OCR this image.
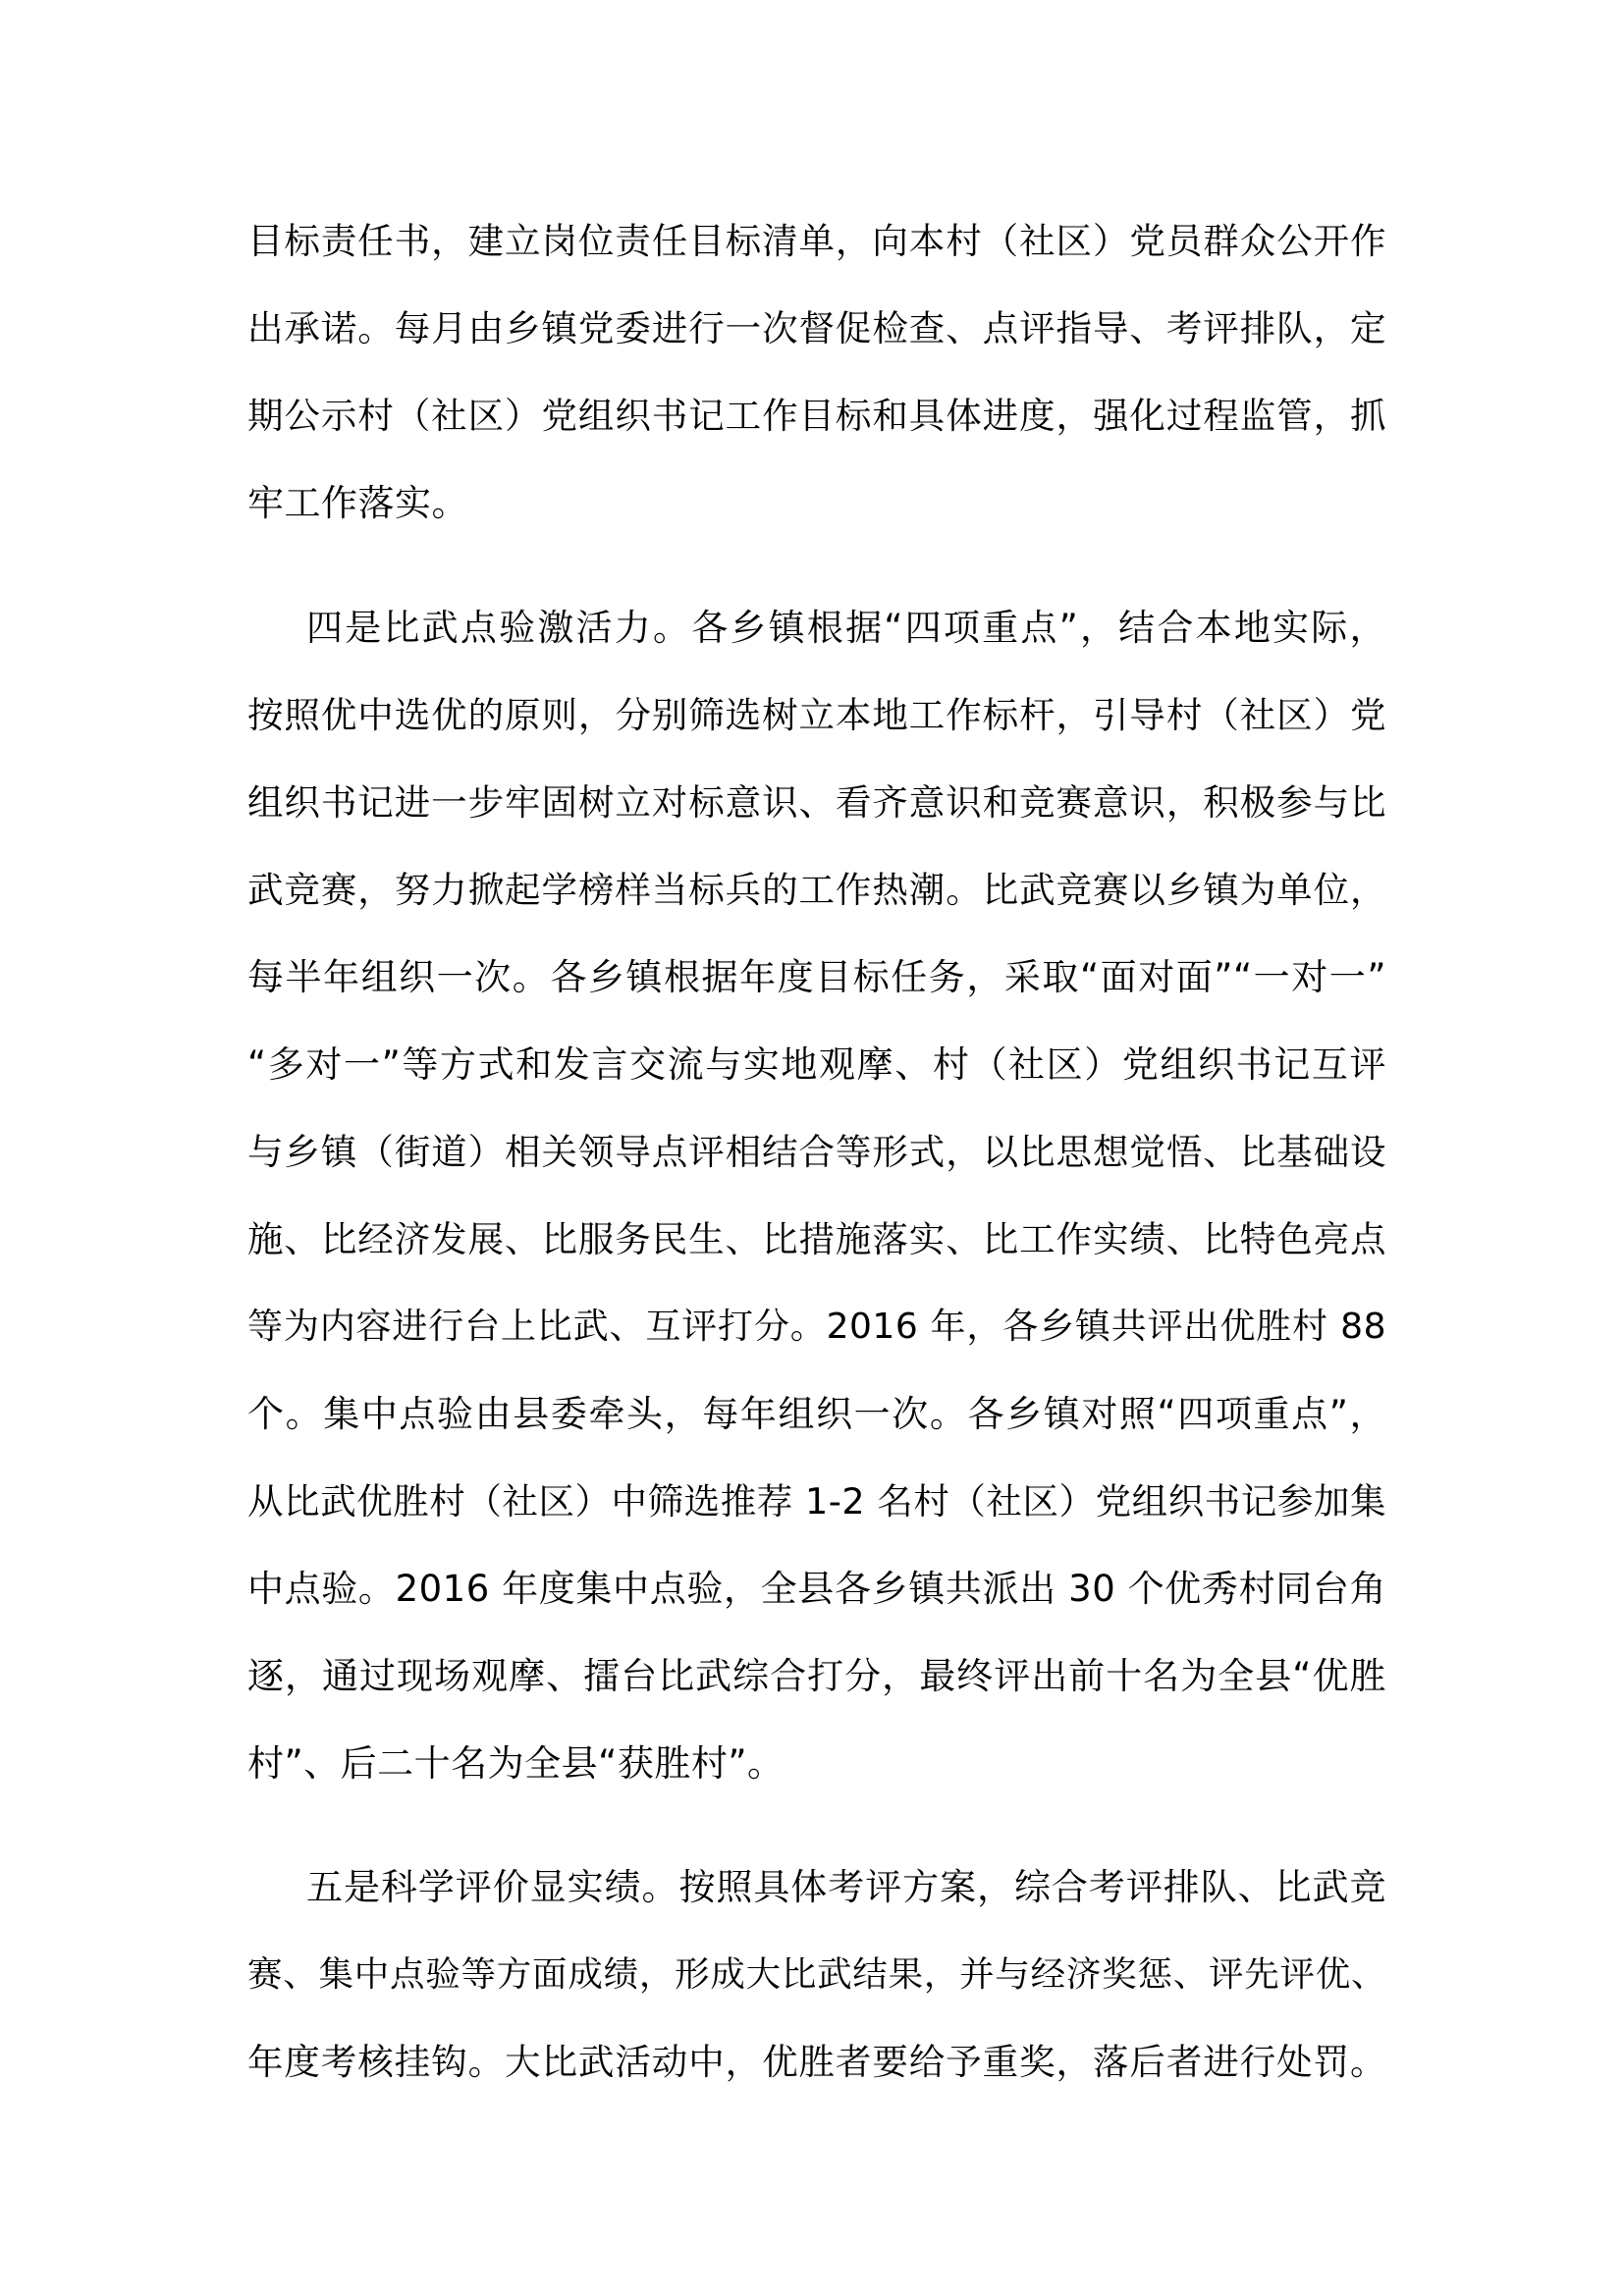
目标责任书，建立岗位责任目标清单，向本村（社区）党员群众公开作
出承诺。每月由乡镇党委进行一次督促检查、点评指导、考评排队，定
期公示村（社区）党组织书记工作目标和具体进度，强化过程监管，抓
牢工作落实。
四是比武点验激活力。各乡镇根据“四项重点”，结合本地实际，
按照优中选优的原则，分别筛选树立本地工作标杆，引导村（社区）党
组织书记进一步牢固树立对标意识、看齐意识和竞赛意识，积极参与比
武竞赛，努力掀起学榜样当标兵的工作热潮。比武竞赛以乡镇为单位，
每半年组织一次。各乡镇根据年度目标任务，采取“面对面”“一对一”
“多对一”等方式和发言交流与实地观摩、村（社区）党组织书记互评
与乡镇（街道）相关领导点评相结合等形式，以比思想觉悟、比基础设
施、比经济发展、比服务民生、比措施落实、比工作实绩、比特色亮点
等为内容进行台上比武、互评打分。2016 年，各乡镇共评出优胜村 88
个。集中点验由县委牵头，每年组织一次。各乡镇对照“四项重点”，
从比武优胜村（社区）中筛选推荐 1-2 名村（社区）党组织书记参加集
中点验。2016 年度集中点验，全县各乡镇共派出 30 个优秀村同台角
逐，通过现场观摩、擂台比武综合打分，最终评出前十名为全县“优胜
村”、后二十名为全县“获胜村”。
五是科学评价显实绩。按照具体考评方案，综合考评排队、比武竞
赛、集中点验等方面成绩，形成大比武结果，并与经济奖惩、评先评优、
年度考核挂钩。大比武活动中，优胜者要给予重奖，落后者进行处罚。
